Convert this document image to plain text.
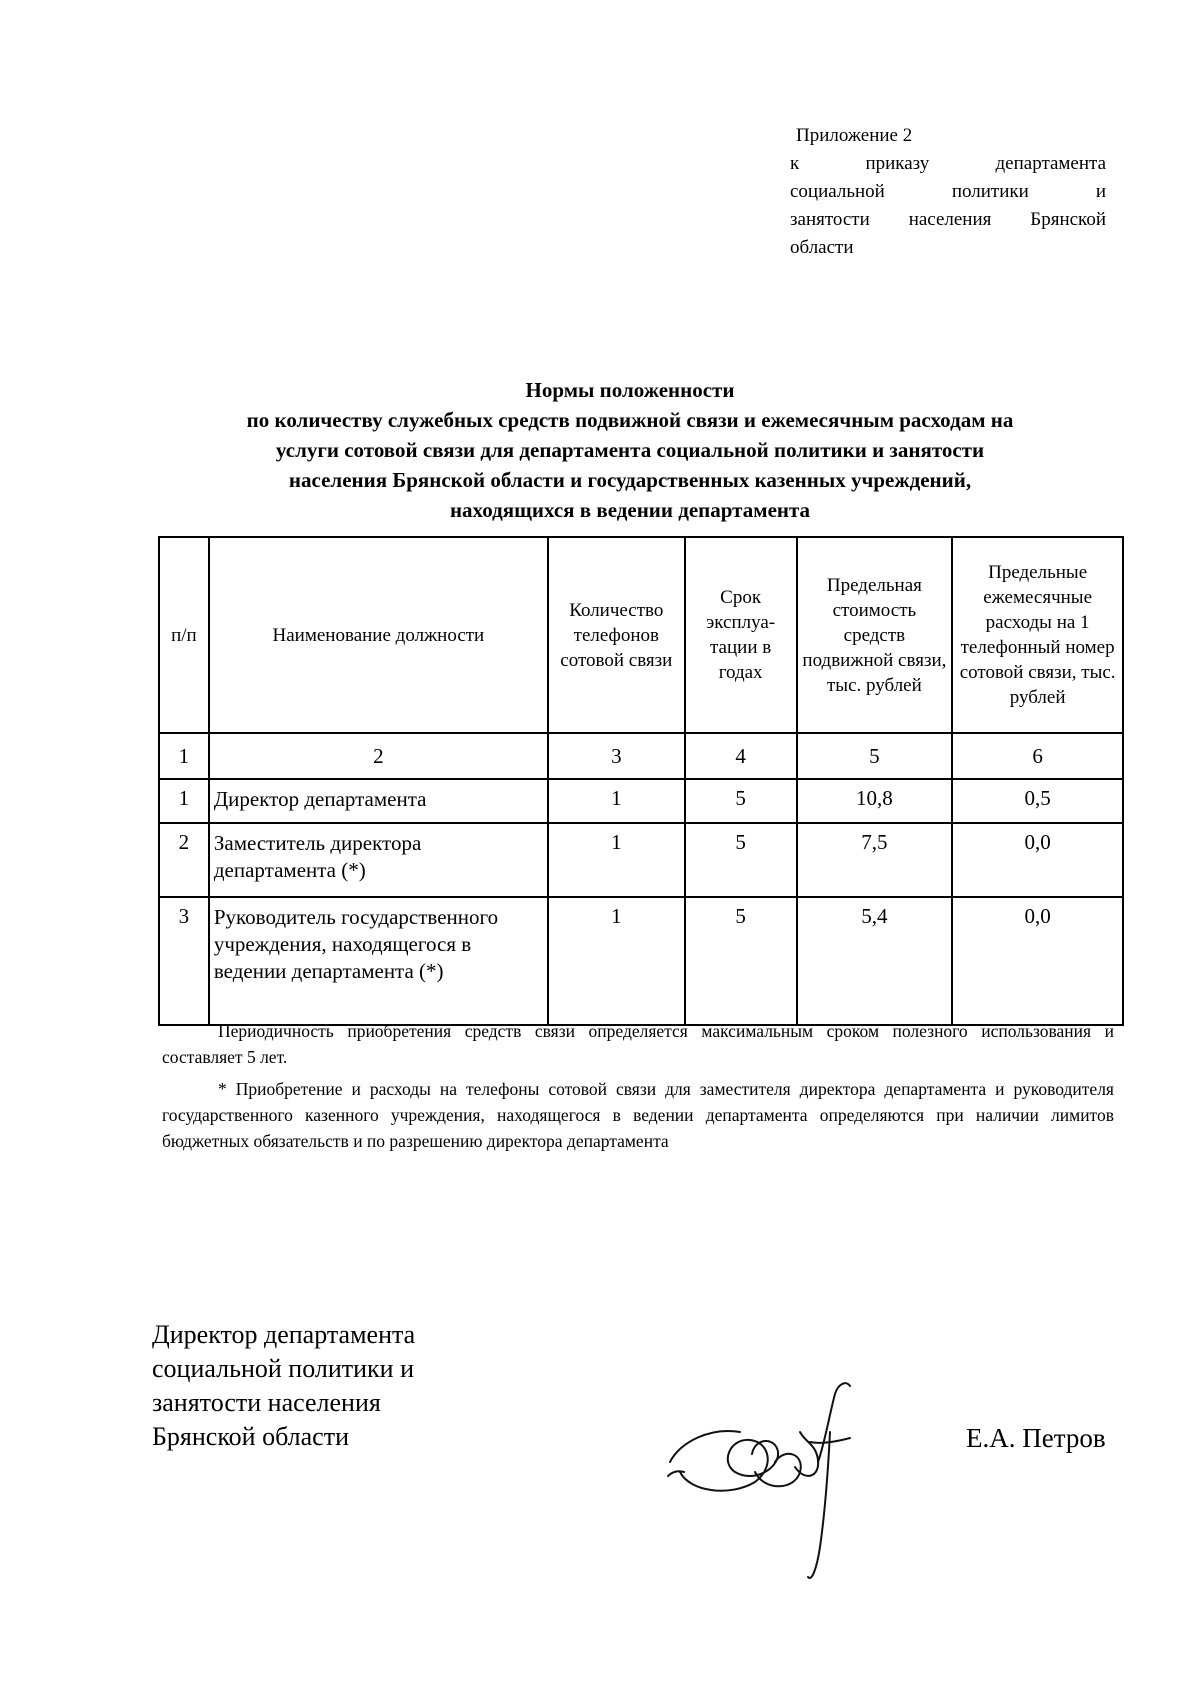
Приложение 2
к приказу департамента
социальной политики и
занятости населения Брянской
области
Нормы положенности
по количеству служебных средств подвижной связи и ежемесячным расходам на
услуги сотовой связи для департамента социальной политики и занятости
населения Брянской области и государственных казенных учреждений,
находящихся в ведении департамента
п/п	Наименование должности	Количество телефонов сотовой связи	Срок эксплуа-тации в годах	Предельная стоимость средств подвижной связи, тыс. рублей	Предельные ежемесячные расходы на 1 телефонный номер сотовой связи, тыс. рублей
1	2	3	4	5	6
1	Директор департамента	1	5	10,8	0,5
2	Заместитель директора департамента (*)	1	5	7,5	0,0
3	Руководитель государственного учреждения, находящегося в ведении департамента (*)	1	5	5,4	0,0

Периодичность приобретения средств связи определяется максимальным сроком полезного использования и составляет 5 лет.

* Приобретение и расходы на телефоны сотовой связи для заместителя директора департамента и руководителя государственного казенного учреждения, находящегося в ведении департамента определяются при наличии лимитов бюджетных обязательств и по разрешению директора департамента

Директор департамента
социальной политики и
занятости населения
Брянской области	Е.А. Петров
